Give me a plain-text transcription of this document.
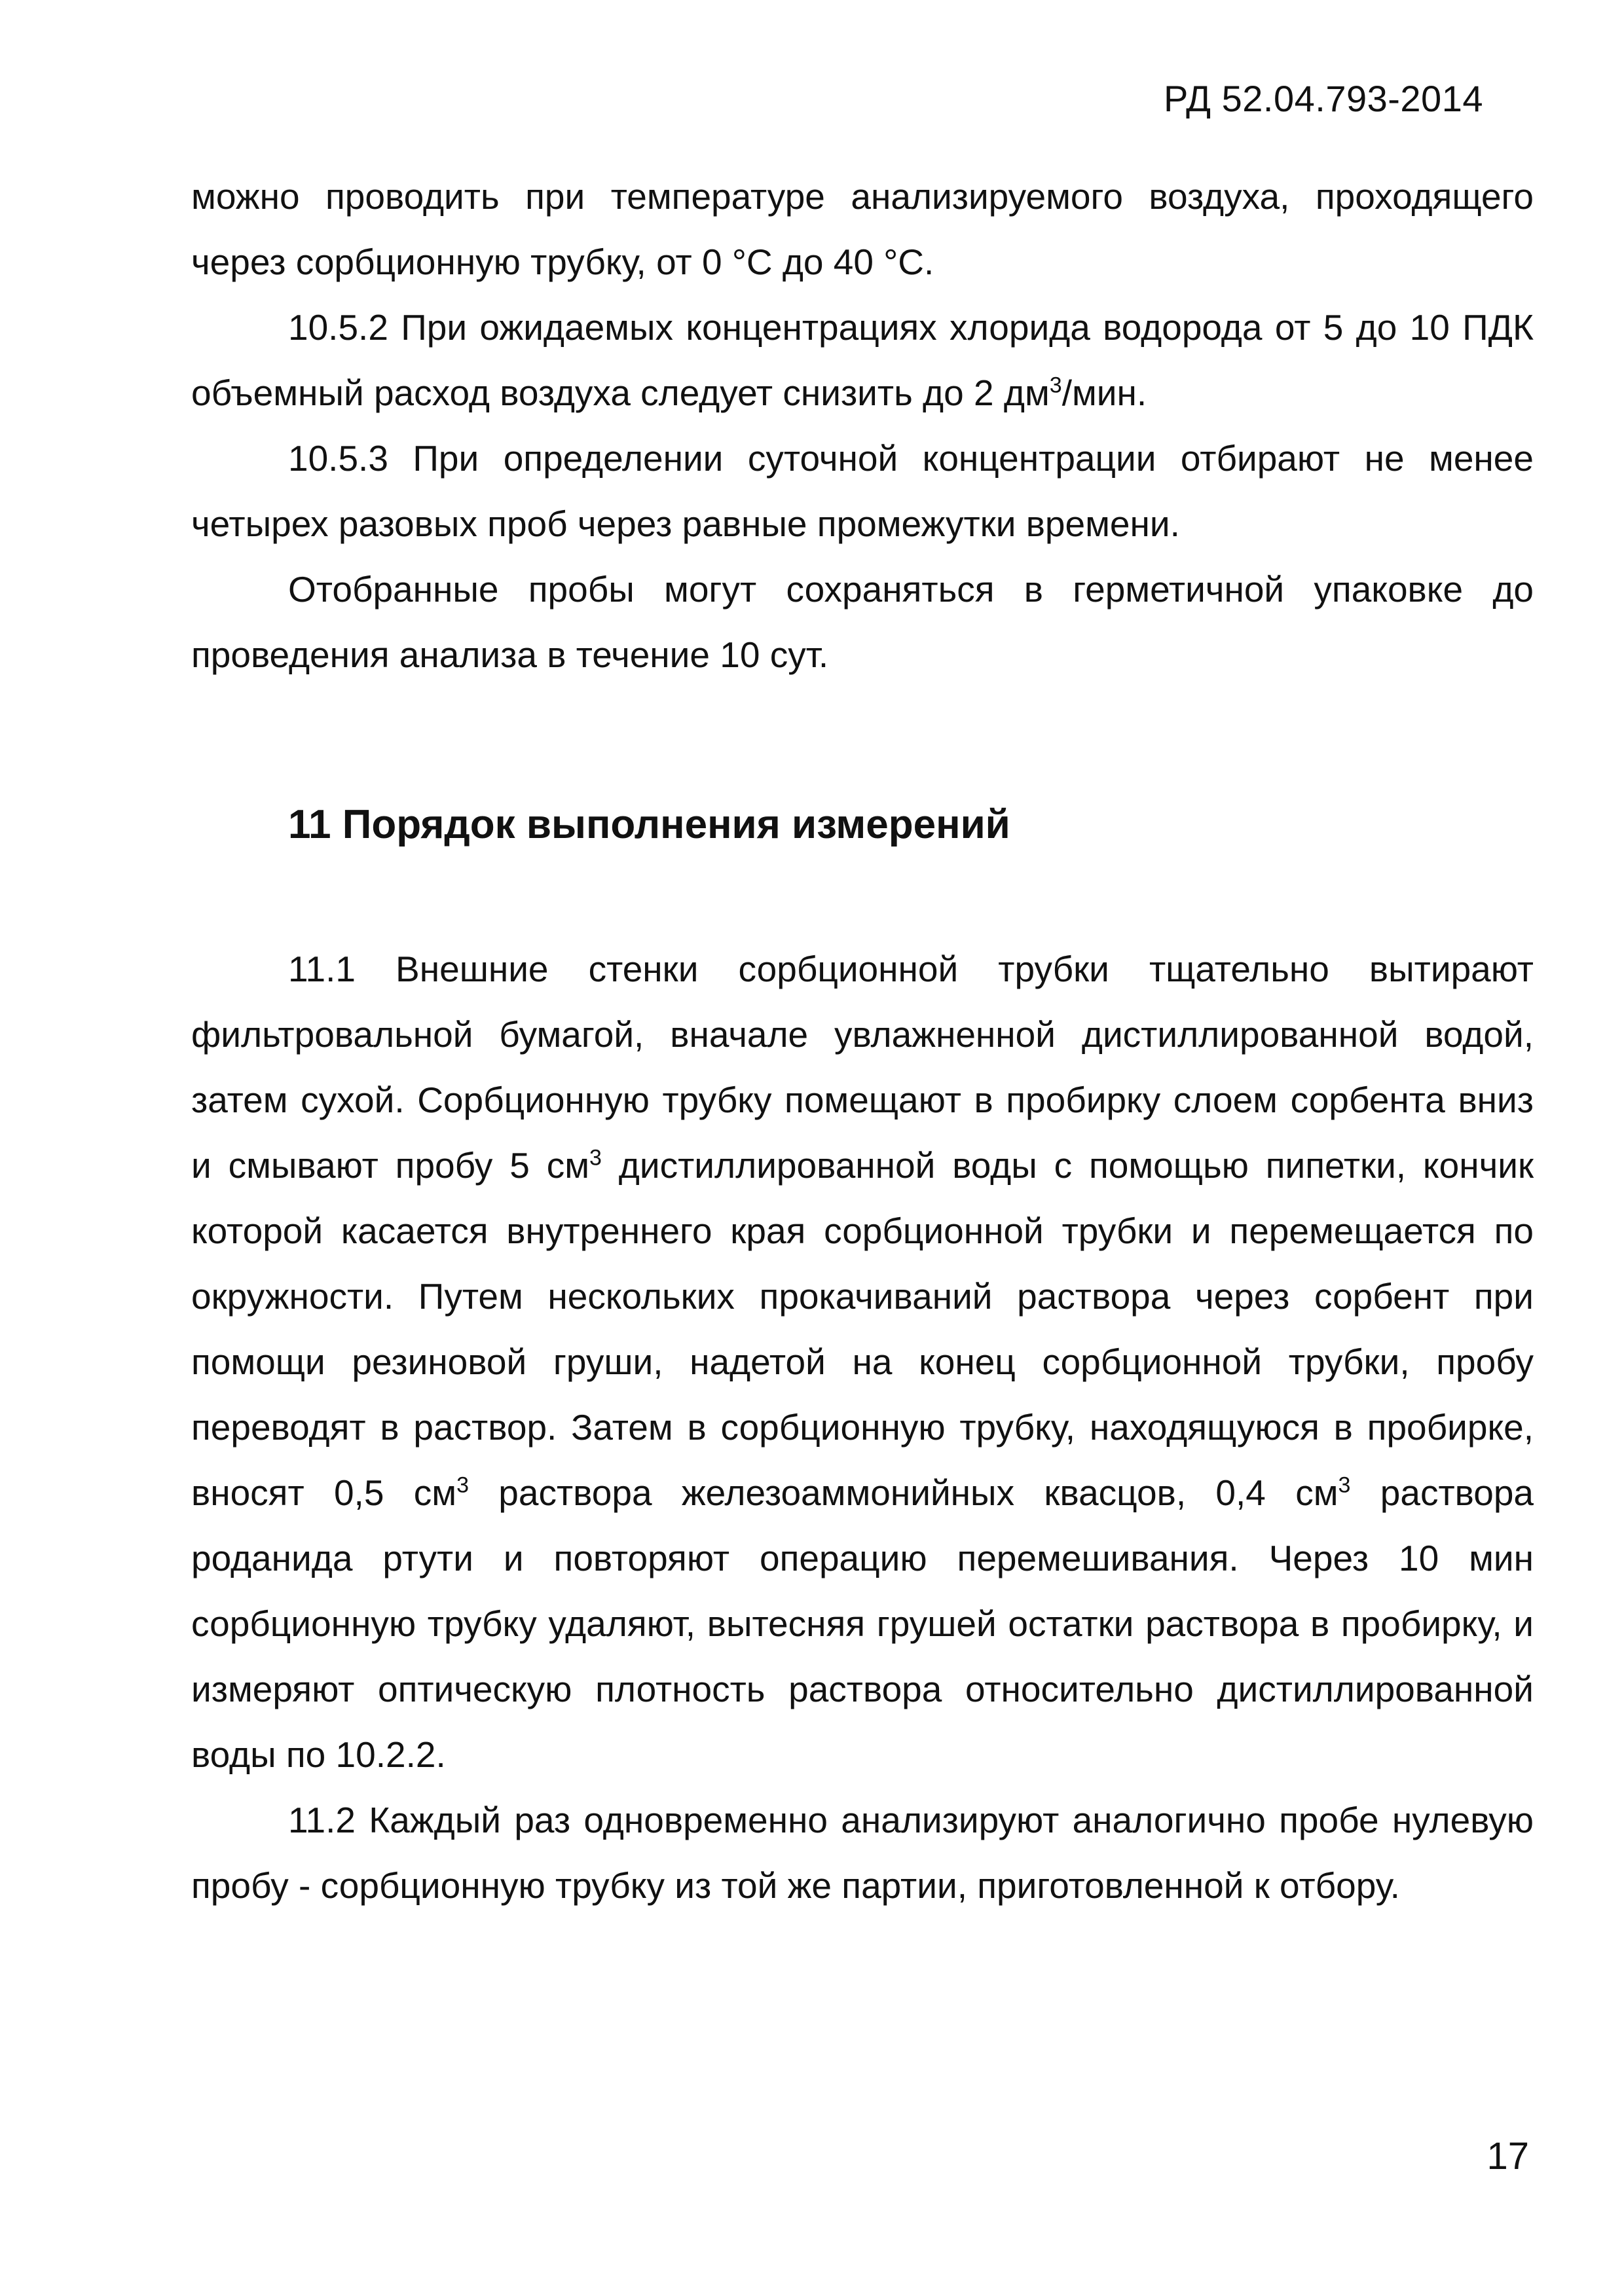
РД 52.04.793-2014

можно проводить при температуре анализируемого воздуха, проходящего через сорбционную трубку, от 0 °С до 40 °С.

10.5.2 При ожидаемых концентрациях хлорида водорода от 5 до 10 ПДК объемный расход воздуха следует снизить до 2 $дм^3$/мин.

10.5.3 При определении суточной концентрации отбирают не менее четырех разовых проб через равные промежутки времени.

Отобранные пробы могут сохраняться в герметичной упаковке до проведения анализа в течение 10 сут.

11 Порядок выполнения измерений

11.1 Внешние стенки сорбционной трубки тщательно вытирают фильтровальной бумагой, вначале увлажненной дистиллированной водой, затем сухой. Сорбционную трубку помещают в пробирку слоем сорбента вниз и смывают пробу 5 $см^3$ дистиллированной воды с помощью пипетки, кончик которой касается внутреннего края сорбционной трубки и перемещается по окружности. Путем нескольких прокачиваний раствора через сорбент при помощи резиновой груши, надетой на конец сорбционной трубки, пробу переводят в раствор. Затем в сорбционную трубку, находящуюся в пробирке, вносят 0,5 $см^3$ раствора железоаммонийных квасцов, 0,4 $см^3$ раствора роданида ртути и повторяют операцию перемешивания. Через 10 мин сорбционную трубку удаляют, вытесняя грушей остатки раствора в пробирку, и измеряют оптическую плотность раствора относительно дистиллированной воды по 10.2.2.

11.2 Каждый раз одновременно анализируют аналогично пробе нулевую пробу - сорбционную трубку из той же партии, приготовленной к отбору.

17
